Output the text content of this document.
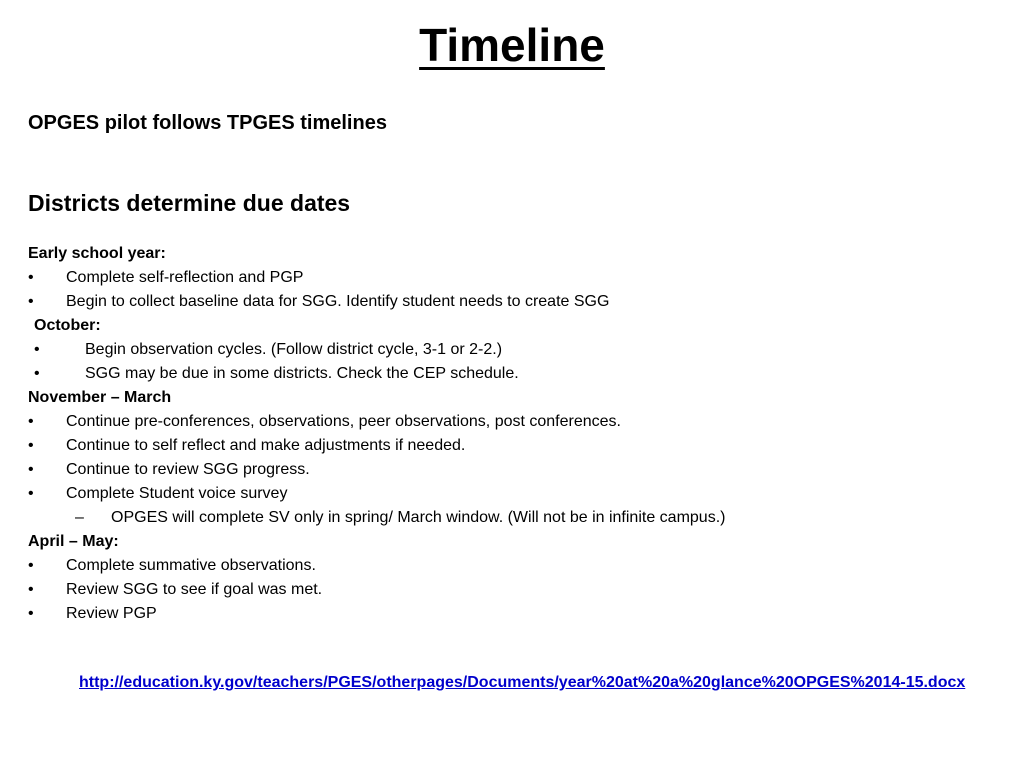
Timeline

OPGES pilot follows TPGES timelines

Districts determine due dates

Early school year:
• Complete self-reflection and PGP
• Begin to collect baseline data for SGG. Identify student needs to create SGG
October:
•	Begin observation cycles. (Follow district cycle, 3-1 or 2-2.)
•	SGG may be due in some districts. Check the CEP schedule.
November – March
• Continue pre-conferences, observations, peer observations, post conferences.
• Continue to self reflect and make adjustments if needed.
• Continue to review SGG progress.
• Complete Student voice survey
– OPGES will complete SV only in spring/ March window. (Will not be in infinite campus.)
April – May:
• Complete summative observations.
• Review SGG to see if goal was met.
• Review PGP
http://education.ky.gov/teachers/PGES/otherpages/Documents/year%20at%20a%20glance%20OPGES%2014-15.docx
